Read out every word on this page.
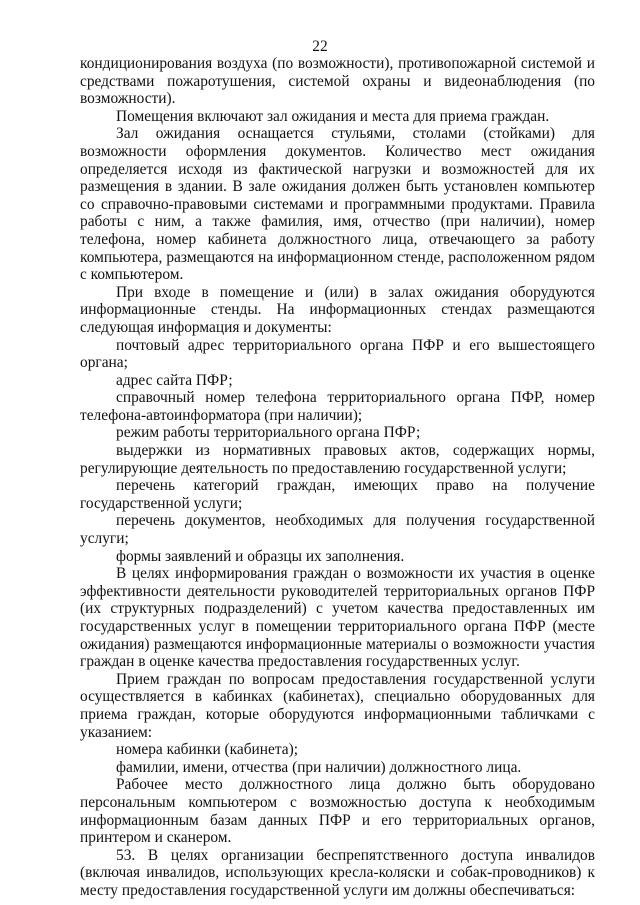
22

кондиционирования воздуха (по возможности), противопожарной системой и средствами пожаротушения, системой охраны и видеонаблюдения (по возможности).

Помещения включают зал ожидания и места для приема граждан.

Зал ожидания оснащается стульями, столами (стойками) для возможности оформления документов. Количество мест ожидания определяется исходя из фактической нагрузки и возможностей для их размещения в здании. В зале ожидания должен быть установлен компьютер со справочно-правовыми системами и программными продуктами. Правила работы с ним, а также фамилия, имя, отчество (при наличии), номер телефона, номер кабинета должностного лица, отвечающего за работу компьютера, размещаются на информационном стенде, расположенном рядом с компьютером.

При входе в помещение и (или) в залах ожидания оборудуются информационные стенды. На информационных стендах размещаются следующая информация и документы:

почтовый адрес территориального органа ПФР и его вышестоящего органа;

адрес сайта ПФР;

справочный номер телефона территориального органа ПФР, номер телефона-автоинформатора (при наличии);

режим работы территориального органа ПФР;

выдержки из нормативных правовых актов, содержащих нормы, регулирующие деятельность по предоставлению государственной услуги;

перечень категорий граждан, имеющих право на получение государственной услуги;

перечень документов, необходимых для получения государственной услуги;

формы заявлений и образцы их заполнения.

В целях информирования граждан о возможности их участия в оценке эффективности деятельности руководителей территориальных органов ПФР (их структурных подразделений) с учетом качества предоставленных им государственных услуг в помещении территориального органа ПФР (месте ожидания) размещаются информационные материалы о возможности участия граждан в оценке качества предоставления государственных услуг.

Прием граждан по вопросам предоставления государственной услуги осуществляется в кабинках (кабинетах), специально оборудованных для приема граждан, которые оборудуются информационными табличками с указанием:

номера кабинки (кабинета);

фамилии, имени, отчества (при наличии) должностного лица.

Рабочее место должностного лица должно быть оборудовано персональным компьютером с возможностью доступа к необходимым информационным базам данных ПФР и его территориальных органов, принтером и сканером.

53. В целях организации беспрепятственного доступа инвалидов (включая инвалидов, использующих кресла-коляски и собак-проводников) к месту предоставления государственной услуги им должны обеспечиваться:
